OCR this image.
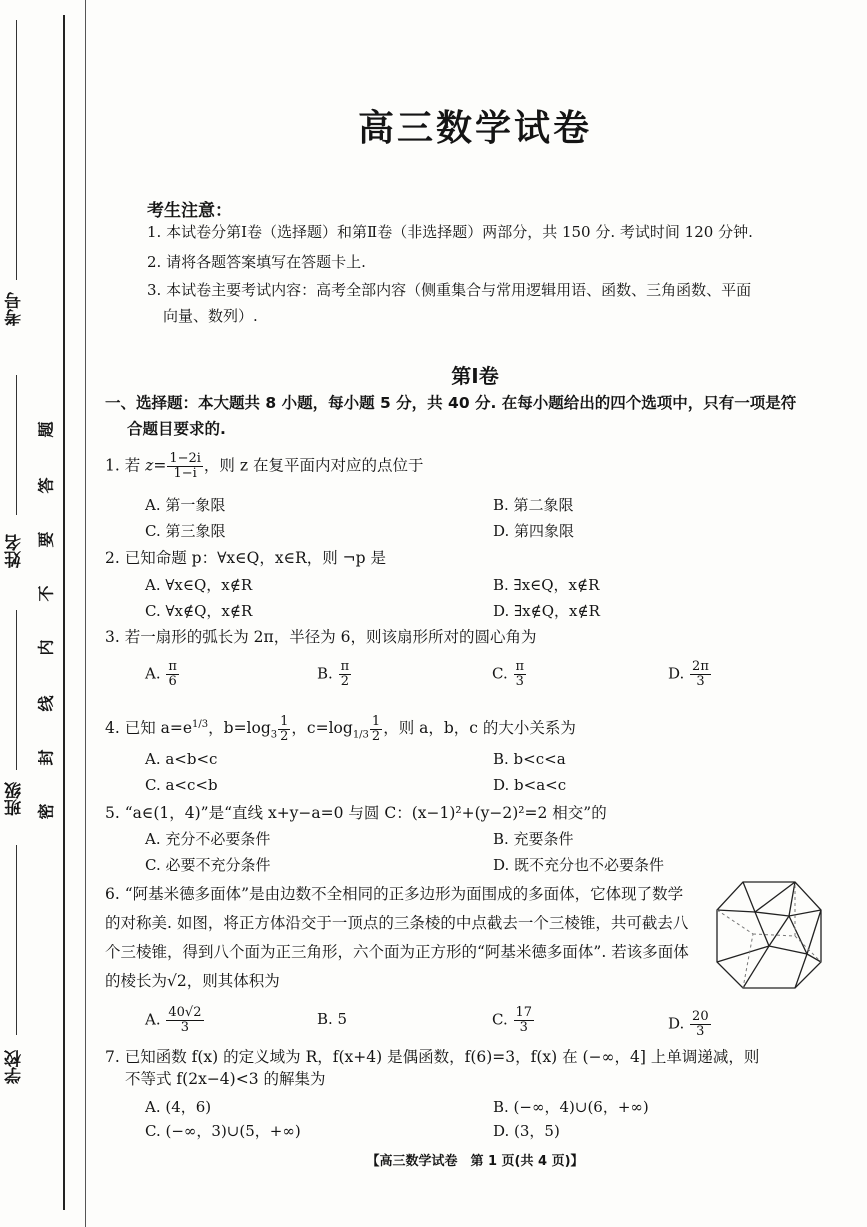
考号
姓名
班级
学校
题
答
要
不
内
线
封
密
高三数学试卷
考生注意：
1. 本试卷分第Ⅰ卷（选择题）和第Ⅱ卷（非选择题）两部分，共 150 分. 考试时间 120 分钟.
2. 请将各题答案填写在答题卡上.
3. 本试卷主要考试内容：高考全部内容（侧重集合与常用逻辑用语、函数、三角函数、平面
向量、数列）.
第Ⅰ卷
一、选择题：本大题共 8 小题，每小题 5 分，共 40 分. 在每小题给出的四个选项中，只有一项是符
合题目要求的.
1. 若 $z= \frac{1-2i}{1-i}$ ，则 z 在复平面内对应的点位于
A. 第一象限	B. 第二象限
C. 第三象限	D. 第四象限
2. 已知命题 p：∀x∈Q，x∈R，则 ¬p 是
A. ∀x∈Q，x∉R	B. ∃x∈Q，x∉R
C. ∀x∉Q，x∉R	D. ∃x∉Q，x∉R
3. 若一扇形的弧长为 2π，半径为 6，则该扇形所对的圆心角为
A. $\frac{\pi}{6}$	B. $\frac{\pi}{2}$	C. $\frac{\pi}{3}$	D. $\frac{2\pi}{3}$
4. 已知 $a=e^{1/3}$，$b=\log_3 \frac{1}{2}$ ，$c=\log_{1/3} \frac{1}{2}$ ，则 a，b，c 的大小关系为
A. a<b<c	B. b<c<a
C. a<c<b	D. b<a<c
5. “a∈(1，4)”是“直线 x+y−a=0 与圆 C：(x−1)²+(y−2)²=2 相交”的
A. 充分不必要条件	B. 充要条件
C. 必要不充分条件	D. 既不充分也不必要条件
6. “阿基米德多面体”是由边数不全相同的正多边形为面围成的多面体，它体现了数学的对称美. 如图，将正方体沿交于一顶点的三条棱的中点截去一个三棱锥，共可截去八个三棱锥，得到八个面为正三角形，六个面为正方形的“阿基米德多面体”. 若该多面体的棱长为√2，则其体积为
A. $\frac{40√2}{3}$	B. 5	C. $\frac{17}{3}$	D. $\frac{20}{3}$
7. 已知函数 f(x) 的定义域为 R，f(x+4) 是偶函数，f(6)=3，f(x) 在 (−∞，4] 上单调递减，则
不等式 f(2x−4)<3 的解集为
A. (4，6)	B. (−∞，4)∪(6，+∞)
C. (−∞，3)∪(5，+∞)	D. (3，5)
【高三数学试卷　第 1 页(共 4 页)】
